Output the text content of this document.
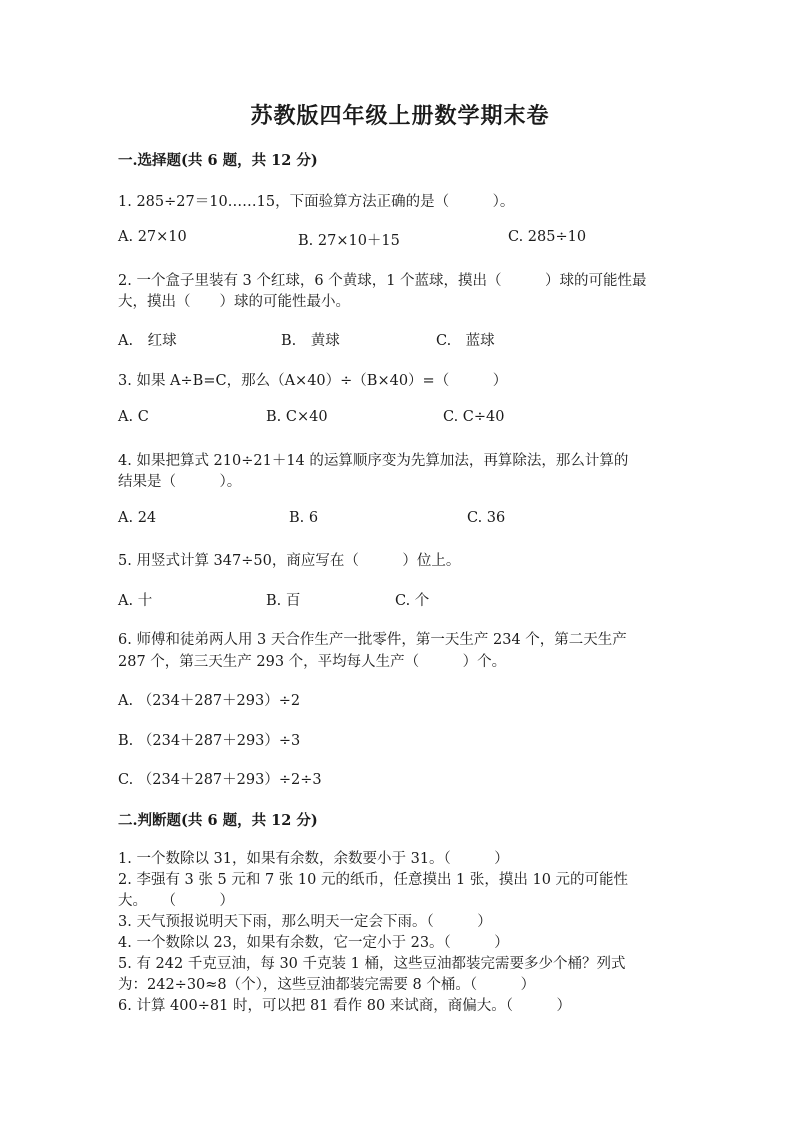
苏教版四年级上册数学期末卷
一.选择题(共 6 题，共 12 分)
1. 285÷27＝10……15，下面验算方法正确的是（　　　）。
A. 27×10	B. 27×10＋15	C. 285÷10
2. 一个盒子里装有 3 个红球，6 个黄球，1 个蓝球，摸出（　　　）球的可能性最
大，摸出（　　）球的可能性最小。
A.　红球	B.　黄球	C.　蓝球
3. 如果 A÷B=C，那么（A×40）÷（B×40）=（　　　）
A. C	B. C×40	C. C÷40
4. 如果把算式 210÷21＋14 的运算顺序变为先算加法，再算除法，那么计算的
结果是（　　　）。
A. 24	B. 6	C. 36
5. 用竖式计算 347÷50，商应写在（　　　）位上。
A. 十	B. 百	C. 个
6. 师傅和徒弟两人用 3 天合作生产一批零件，第一天生产 234 个，第二天生产
287 个，第三天生产 293 个，平均每人生产（　　　）个。
A. （234＋287＋293）÷2
B. （234＋287＋293）÷3
C. （234＋287＋293）÷2÷3
二.判断题(共 6 题，共 12 分)
1. 一个数除以 31，如果有余数，余数要小于 31。（　　　）
2. 李强有 3 张 5 元和 7 张 10 元的纸币，任意摸出 1 张，摸出 10 元的可能性
大。　　（　　　）
3. 天气预报说明天下雨，那么明天一定会下雨。（　　　）
4. 一个数除以 23，如果有余数，它一定小于 23。（　　　）
5. 有 242 千克豆油，每 30 千克装 1 桶，这些豆油都装完需要多少个桶？列式
为：242÷30≈8（个），这些豆油都装完需要 8 个桶。（　　　）
6. 计算 400÷81 时，可以把 81 看作 80 来试商，商偏大。（　　　）
